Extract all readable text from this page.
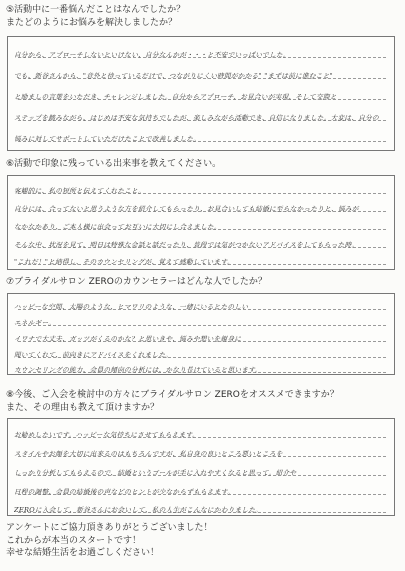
⑤活動中に一番悩んだことはなんでしたか？
またどのようにお悩みを解決しましたか？
自分から、アプローチしないといけない、自分なんかが・・・と不安でいっぱいでした。
でも、新谷さんから、"意外と待っているだけで、つながりにくい時間がかかる" "まずは前に進むこと"
と励ましの言葉をいただき、チャレンジしました。自分からアプローチ、お見合いが実現、そして交際と
ステップを踏みながら、はじめは不安な気持ちでしたが、楽しみながら活動でき、自信になりました。大変は、自分の
悩みに対してサポートしていただけたことで改善しました。
⑥活動で印象に残っている出来事を教えてください。
客観的に、私の短所と伝えてくれたこと。
自分には、合ってないと思うような方を紹介してもらったり、お見合いしても結婚に至らなかったりと、悩みが
なかなかあり、ご本人様に出会ってお互いに大切にし合えました。
そんな中、状況を見て、明日は特殊な会話と話だったり、普段では気がつかないアドバイスをしてもらった時。
"これだ！"と納得し、そのカウンセリングが、覚えて感動しています。
⑦ブライダルサロン ZEROのカウンセラーはどんな人でしたか？
ハッピーな空間、太陽のような、ヒマワリのような、一緒にいるとたのしい
エネルギー。
イワナで大丈夫、ガッツがくるのかな？と思いきや、悩みや想いを親身に
聞いてくれて、前向きにアドバイスをくれました。
カウンセリングの能力、会員の傾向の分析には、かなり長けていると思います。
⑧今後、ご入会を検討中の方々にブライダルサロン ZEROをオススメできますか？
また、その理由も教えて頂けますか？
お勧めしたいです。ハッピーな気持ちにさせてもらえます。
スタイルやお顔を大切に出来るのはもちろんですが、私自身の良いところ悪いところを
しっかり分析してもらえるので、結婚というゴールが手に入れやすくなると思って。紹介や
日程の調整、会員の結婚後の声などのヒントが少なからずもらえます。
ZEROに入会して、新谷さんにお会いして、私の人生がこんなにかわりました。
アンケートにご協力頂きありがとうございました！
これからが本当のスタートです！
幸せな結婚生活をお過ごしください！
